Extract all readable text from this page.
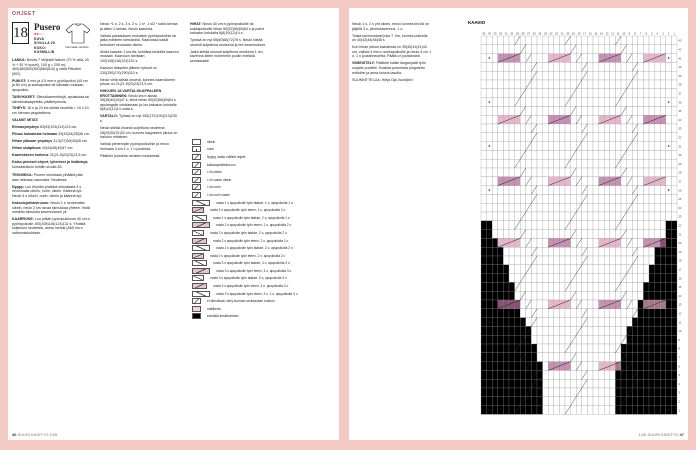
OHJEET
18 Pusero ●●○○
KUVA SIVULLA 20
KOKO: KOSMILLIN
Normaali mitoitus.

LANKA: Novita 7 Veljestä Nature (70 % villa, 20 % + 30 % lyocel), 100 g = 205 m): 460(460)500(500)560(610) g väriä Päivänn (502)

PUIKOT: 4 mm ja 4,5 mm:n pyöröpuikot (40 cm ja 80 cm) ja sukkapuikot tai käsialan mukaan, apupuikko.

TARVIKKEET: Silmukkamerkkejä, apulankaa tai silmukkakaapeleita, päättelyneula.

TIHEYS: 18 s ja 24 krs sileää neuletta = 10 x 10 cm hieman pingotettuna.

VALMIIT MITAT:

Rinnanympärys 83(93)103(113)123 cm.

Pituus kainalosta helmaan 33(33)34(35)36 cm.

Hihan yläosan ympärys 31,5(37)39(43)45 cm.

Hihan sisäpituus 43(44)45(45)47 cm.

Kaarrokkeen korkeus 21(21,5)22(23)23,5 cm.

Katso pieniset ohjeet, lyhenteet ja lisätietoja kurssitarkituin kohtiin sivulta 45.

TEKNIIKKA: Pusero neulotaan ylhäältä päin alas helmaan saumatta. Neuleesa:

Nyppy: Luo tihyhän yhdestä silmukasta 4 s neulomalla oikein, nurin, oikein. Käännä työ. Neulo 4 s oikein, nurin, oikein ja käännä työ.

Kaksoisjulistekruunu: Neulo 1 s neulomatta oikein, neulo 2 krs ravaa silmukkaa yhteen. Vedä nostettu silmukka kavennuksen yli.

KAARROKE: Luo pitkän pyöröpuikkoon 40 cm:n pyöröpuikolle 100(108)116(124)132 s. Yhdistä suljetuksi neuleeksi, aseta merkki (AM) krs:n vaihtumiskohtaan.

Neulo *1 s, 2 s, 3 s, 2 s, 1 s*, 1 s/2 * kaksi kertaa ja sitten 2 kertaa. Neulo kaaviota.

Vaihda pakkauksen mukaisiin pyöröpuikoihin tai jatka edelleen silmukoilla. Kaaviossa kaikki kerrokset neulotaan oikein.

Aloita kaavion 1 krs:lta, kohdista keskiöts kaavion mukaan. Kaavioon tarvitaan 100(108)116(124)132 s.

Kaavion lisäysten jälkeen työssä on 230(250)270(290)310 s.

Neulo vielä sileää ohuesti, kunnes kaarrokkeen pituus on 21(21,5)22(23)23,5 cm.

HIHOJEN JA VARTALOKAPPALEEN EROTTAMINEN: Neulo krs:n alusta 35(38)40(44)47 s, siirrä hihan 50(52)56(60)64 s apulangalle odottamaan ja luo kainalon kohdalle 6(8)10(12)14 uutta s.

VARTALO: Työssä on nyt 150(170)190(210)230 s.

Neulo sileää ohuesti suljettuna neuleena 28(29)30(31)32 cm, kunnes kappaleen pituus on halutun mittainen.

Vaihda pienempiin pyöröpuikkoihin ja neulo helmaan 4 cm 1 o, 1 n joustinta.

Päättele joustinta neuleen mukaisesti.

HIHAT: Neulo 40 cm:n pyöröpuikoille tai sukkapuikoille hihan 50(52)56(60)64 s ja poimi kainalon kohdalta 6(8)10(12)14 s.

Työssä on nyt 56(60)66(72)78 s. Neulo sileää ohuesti suljettuna neuleena ja tee kavennukset.

Jatka sileää ohuesti suljettuna neuleena 1 cm, kavenna sitten molemmin puolin merkkiä seuraavasti:

oikein
nurin
Nyppy, katso erilliset ohjeet
kaksoisjulistekruunu
1 lis oikein
1 lis vasen oikein
1 lis nurin
1 lis nurin vasen
nosta 1 s apupuikolle työn taakse, 1 o, apupuikolta 1 o
nosta 2 s apupuikolle työn eteen, 1 o, apupuikolta 2 o
nosta 1 s apupuikolle työn taakse, 2 o, apupuikolta 1 n
nosta 2 s apupuikolle työn eteen, 1 n, apupuikolta 2 o
nosta 2 s apupuikolle työn taakse, 2 o, apupuikolta 2 o
nosta 2 s apupuikolle työn eteen, 2 o, apupuikolta 2 o
nosta 2 s apupuikolle työn taakse, 2 o, apupuikolta 2 n
nosta 2 s apupuikolle työn eteen, 2 n, apupuikolta 2 o
nosta 3 s apupuikolle työn taakse, 3 o, apupuikolta 3 o
nosta 3 s apupuikolle työn eteen, 3 o, apupuikolta 3 o
nosta 3 s apupuikolle työn taakse, 3 o, apupuikolta 3 n
nosta 3 s apupuikolle työn eteen, 3 n, apupuikolta 3 o
nosta 3 s apupuikolle työn eteen, 3 o, 1 n, apupuikolta 3 o
ei silmukkaa, siirry suoraan seuraavaan ruutuun
mallikerta
kohdista keskikohtaan
46 SUURI KÄSITYÖ 1/26

Neulo 1 s, 2 s yht oikein, neulo kunnes krs:llä on jäljellä 3 s, ylivetokavennus, 1 o.

Toista kavennukset joka 7. krs, kunnes puikoilla on 40(42)44(46)48 s.

Kun hihan pituus kainalosta on 39(40)41(41)43 cm, vaihda 4 mm:n sukkapuikoille ja neulo 4 cm 1 o, 1 n joustinneuletta. Päätä o:t joustavasti.

VIIMEISTELY: Päättele kaikki langanpäät työn nurjalle puolelle. Kostuta puserosta pingotettu mittoihin ja anna kuivua tasolla.

SUUNNITTELIJA: Heija Oja-Vuorijärvi

KAAVIO
35 34 33 32 31 30 29 28 27 26 25 24 23 22 21 20 19 18 17 16 15 14 13 12 11 10 9 8 7 6 5 4 3 2 1
43
42
41
40
39
38
37
36
35
34
33
32
31
30
29
28
27
26
25
24
23
22
21
20
19
18
17
16
15
14
13
12
11
10
9
8
7
6
5
4
3
2
1
1/26 SUURI KÄSITYÖ 47
